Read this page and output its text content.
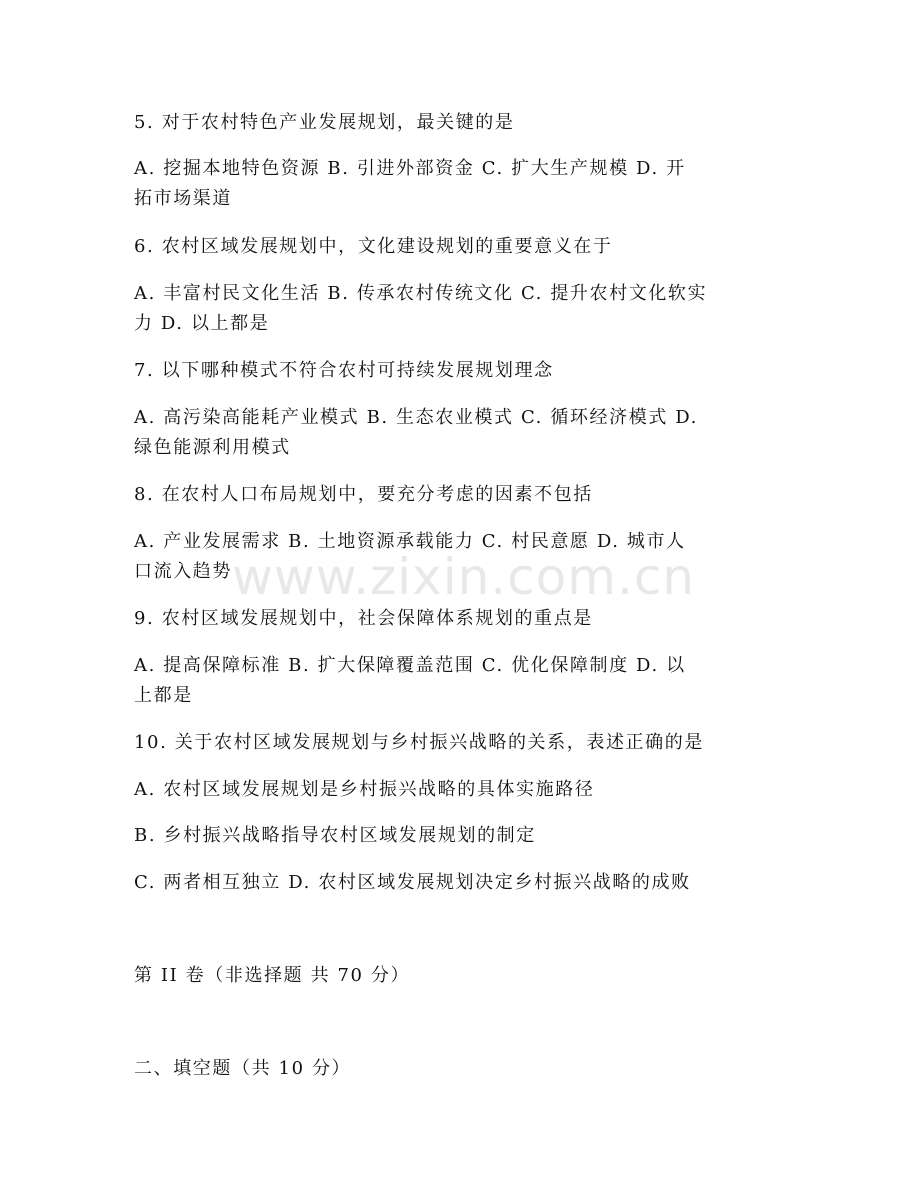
5. 对于农村特色产业发展规划，最关键的是
A. 挖掘本地特色资源 B. 引进外部资金 C. 扩大生产规模 D. 开
拓市场渠道
6. 农村区域发展规划中，文化建设规划的重要意义在于
A. 丰富村民文化生活 B. 传承农村传统文化 C. 提升农村文化软实
力 D. 以上都是
7. 以下哪种模式不符合农村可持续发展规划理念
A. 高污染高能耗产业模式 B. 生态农业模式 C. 循环经济模式 D.
绿色能源利用模式
8. 在农村人口布局规划中，要充分考虑的因素不包括
A. 产业发展需求 B. 土地资源承载能力 C. 村民意愿 D. 城市人
口流入趋势
9. 农村区域发展规划中，社会保障体系规划的重点是
A. 提高保障标准 B. 扩大保障覆盖范围 C. 优化保障制度 D. 以
上都是
10. 关于农村区域发展规划与乡村振兴战略的关系，表述正确的是
A. 农村区域发展规划是乡村振兴战略的具体实施路径
B. 乡村振兴战略指导农村区域发展规划的制定
C. 两者相互独立 D. 农村区域发展规划决定乡村振兴战略的成败
第 II 卷（非选择题 共 70 分）
二、填空题（共 10 分）
www.zixin.com.cn
